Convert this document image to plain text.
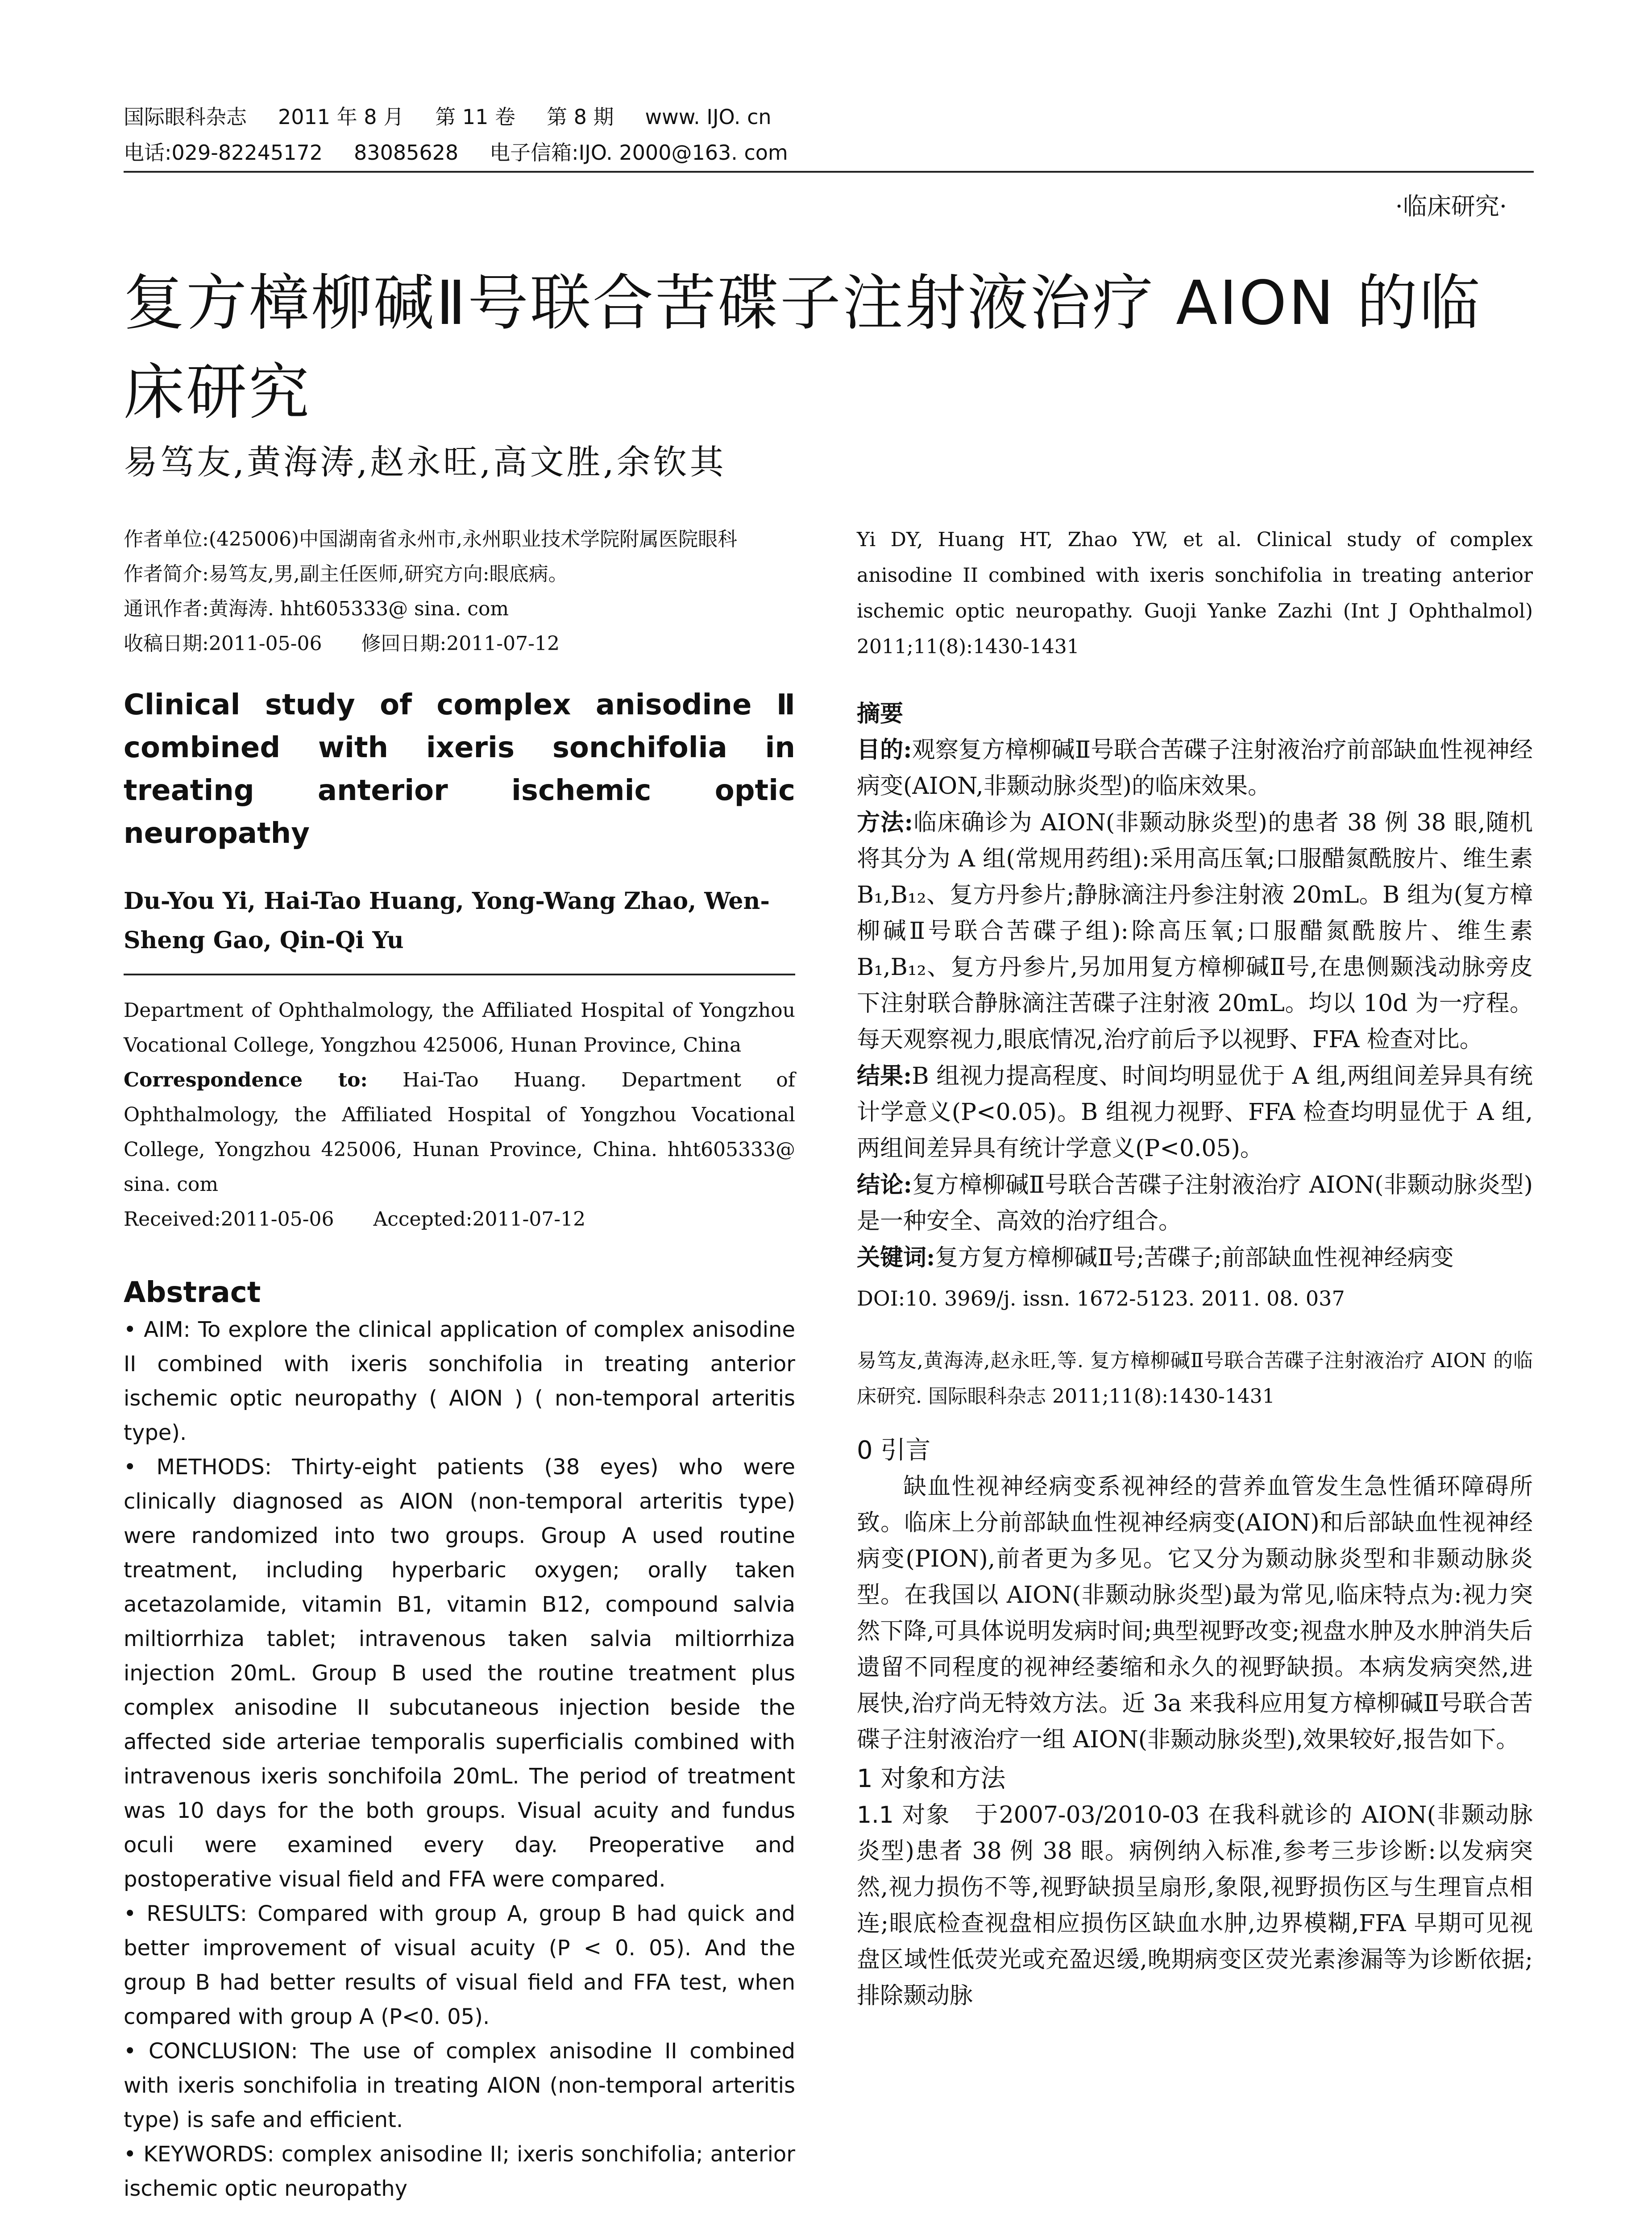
国际眼科杂志 2011 年 8 月 第 11 卷 第 8 期 www. IJO. cn
电话:029-82245172 83085628 电子信箱:IJO. 2000@163. com
·临床研究·
复方樟柳碱Ⅱ号联合苦碟子注射液治疗 AION 的临床研究
易笃友,黄海涛,赵永旺,高文胜,余钦其
作者单位:(425006)中国湖南省永州市,永州职业技术学院附属医院眼科
作者简介:易笃友,男,副主任医师,研究方向:眼底病。
通讯作者:黄海涛. hht605333@ sina. com
收稿日期:2011-05-06　　修回日期:2011-07-12
Clinical study of complex anisodine Ⅱ combined with ixeris sonchifolia in treating anterior ischemic optic neuropathy
Du-You Yi, Hai-Tao Huang, Yong-Wang Zhao, Wen-Sheng Gao, Qin-Qi Yu
Department of Ophthalmology, the Affiliated Hospital of Yongzhou Vocational College, Yongzhou 425006, Hunan Province, China
Correspondence to: Hai-Tao Huang. Department of Ophthalmology, the Affiliated Hospital of Yongzhou Vocational College, Yongzhou 425006, Hunan Province, China. hht605333@ sina. com
Received:2011-05-06　　Accepted:2011-07-12
Abstract

• AIM: To explore the clinical application of complex anisodine II combined with ixeris sonchifolia in treating anterior ischemic optic neuropathy ( AION ) ( non-temporal arteritis type).

• METHODS: Thirty-eight patients (38 eyes) who were clinically diagnosed as AION (non-temporal arteritis type) were randomized into two groups. Group A used routine treatment, including hyperbaric oxygen; orally taken acetazolamide, vitamin B1, vitamin B12, compound salvia miltiorrhiza tablet; intravenous taken salvia miltiorrhiza injection 20mL. Group B used the routine treatment plus complex anisodine II subcutaneous injection beside the affected side arteriae temporalis superficialis combined with intravenous ixeris sonchifoila 20mL. The period of treatment was 10 days for the both groups. Visual acuity and fundus oculi were examined every day. Preoperative and postoperative visual field and FFA were compared.

• RESULTS: Compared with group A, group B had quick and better improvement of visual acuity (P < 0. 05). And the group B had better results of visual field and FFA test, when compared with group A (P<0. 05).

• CONCLUSION: The use of complex anisodine II combined with ixeris sonchifolia in treating AION (non-temporal arteritis type) is safe and efficient.

• KEYWORDS: complex anisodine II; ixeris sonchifolia; anterior ischemic optic neuropathy

Yi DY, Huang HT, Zhao YW, et al. Clinical study of complex anisodine II combined with ixeris sonchifolia in treating anterior ischemic optic neuropathy. Guoji Yanke Zazhi (Int J Ophthalmol) 2011;11(8):1430-1431
摘要

目的:观察复方樟柳碱Ⅱ号联合苦碟子注射液治疗前部缺血性视神经病变(AION,非颞动脉炎型)的临床效果。

方法:临床确诊为 AION(非颞动脉炎型)的患者 38 例 38 眼,随机将其分为 A 组(常规用药组):采用高压氧;口服醋氮酰胺片、维生素 B₁,B₁₂、复方丹参片;静脉滴注丹参注射液 20mL。B 组为(复方樟柳碱Ⅱ号联合苦碟子组):除高压氧;口服醋氮酰胺片、维生素 B₁,B₁₂、复方丹参片,另加用复方樟柳碱Ⅱ号,在患侧颞浅动脉旁皮下注射联合静脉滴注苦碟子注射液 20mL。均以 10d 为一疗程。每天观察视力,眼底情况,治疗前后予以视野、FFA 检查对比。

结果:B 组视力提高程度、时间均明显优于 A 组,两组间差异具有统计学意义(P<0.05)。B 组视力视野、FFA 检查均明显优于 A 组,两组间差异具有统计学意义(P<0.05)。

结论:复方樟柳碱Ⅱ号联合苦碟子注射液治疗 AION(非颞动脉炎型)是一种安全、高效的治疗组合。

关键词:复方复方樟柳碱Ⅱ号;苦碟子;前部缺血性视神经病变

DOI:10. 3969/j. issn. 1672-5123. 2011. 08. 037
易笃友,黄海涛,赵永旺,等. 复方樟柳碱Ⅱ号联合苦碟子注射液治疗 AION 的临床研究. 国际眼科杂志 2011;11(8):1430-1431
0 引言

缺血性视神经病变系视神经的营养血管发生急性循环障碍所致。临床上分前部缺血性视神经病变(AION)和后部缺血性视神经病变(PION),前者更为多见。它又分为颞动脉炎型和非颞动脉炎型。在我国以 AION(非颞动脉炎型)最为常见,临床特点为:视力突然下降,可具体说明发病时间;典型视野改变;视盘水肿及水肿消失后遗留不同程度的视神经萎缩和永久的视野缺损。本病发病突然,进展快,治疗尚无特效方法。近 3a 来我科应用复方樟柳碱Ⅱ号联合苦碟子注射液治疗一组 AION(非颞动脉炎型),效果较好,报告如下。

1 对象和方法

1.1 对象　于2007-03/2010-03 在我科就诊的 AION(非颞动脉炎型)患者 38 例 38 眼。病例纳入标准,参考三步诊断:以发病突然,视力损伤不等,视野缺损呈扇形,象限,视野损伤区与生理盲点相连;眼底检查视盘相应损伤区缺血水肿,边界模糊,FFA 早期可见视盘区域性低荧光或充盈迟缓,晚期病变区荧光素渗漏等为诊断依据;排除颞动脉
